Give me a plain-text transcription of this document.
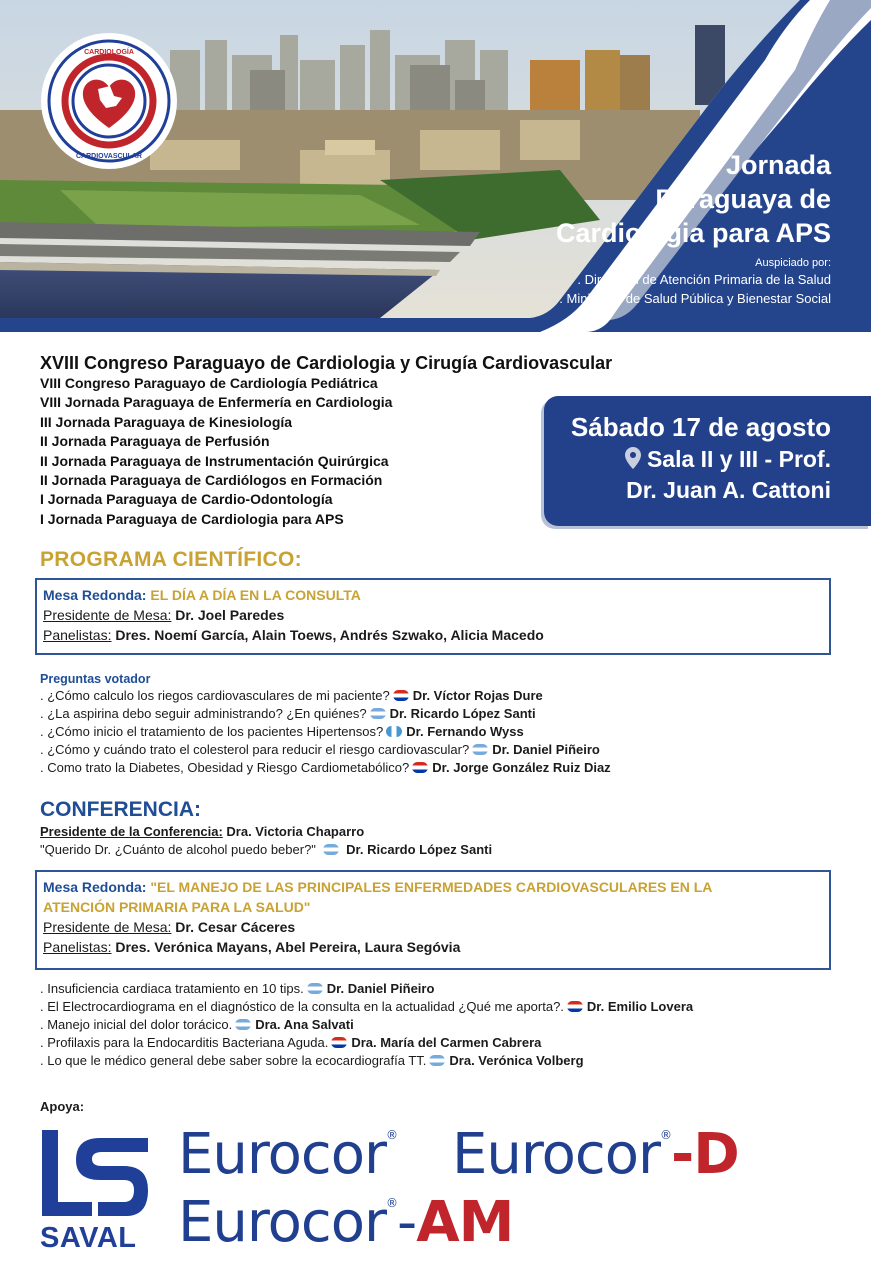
CARDIOLOGÍA
CARDIOVASCULAR	I Jornada
Paraguaya de
Cardiologia para APS
Auspiciado por:
. Dirección de Atención Primaria de la Salud
. Ministerio de Salud Pública y Bienestar Social
XVIII Congreso Paraguayo de Cardiologia y Cirugía Cardiovascular
VIII Congreso Paraguayo de Cardiología Pediátrica
VIII Jornada Paraguaya de Enfermería en Cardiologia
III Jornada Paraguaya de Kinesiología
II Jornada Paraguaya de Perfusión
II Jornada Paraguaya de Instrumentación Quirúrgica
II Jornada Paraguaya de Cardiólogos en Formación
I Jornada Paraguaya de Cardio-Odontología
I Jornada Paraguaya de Cardiologia para APS
Sábado 17 de agosto
Sala II y III - Prof.
Dr. Juan A. Cattoni
PROGRAMA CIENTÍFICO:
Mesa Redonda: EL DÍA A DÍA EN LA CONSULTA
Presidente de Mesa: Dr. Joel Paredes
Panelistas: Dres. Noemí García, Alain Toews, Andrés Szwako, Alicia Macedo
Preguntas votador
. ¿Cómo calculo los riegos cardiovasculares de mi paciente? Dr. Víctor Rojas Dure
. ¿La aspirina debo seguir administrando? ¿En quiénes? Dr. Ricardo López Santi
. ¿Cómo inicio el tratamiento de los pacientes Hipertensos? Dr. Fernando Wyss
. ¿Cómo y cuándo trato el colesterol para reducir el riesgo cardiovascular? Dr. Daniel Piñeiro
. Como trato la Diabetes, Obesidad y Riesgo Cardiometabólico? Dr. Jorge González Ruiz Diaz
CONFERENCIA:
Presidente de la Conferencia: Dra. Victoria Chaparro
"Querido Dr. ¿Cuánto de alcohol puedo beber?" Dr. Ricardo López Santi
Mesa Redonda: "EL MANEJO DE LAS PRINCIPALES ENFERMEDADES CARDIOVASCULARES EN LA
ATENCIÓN PRIMARIA PARA LA SALUD"
Presidente de Mesa: Dr. Cesar Cáceres
Panelistas: Dres. Verónica Mayans, Abel Pereira, Laura Segóvia
. Insuficiencia cardiaca tratamiento en 10 tips. Dr. Daniel Piñeiro
. El Electrocardiograma en el diagnóstico de la consulta en la actualidad ¿Qué me aporta?. Dr. Emilio Lovera
. Manejo inicial del dolor torácico. Dra. Ana Salvati
. Profilaxis para la Endocarditis Bacteriana Aguda. Dra. María del Carmen Cabrera
. Lo que le médico general debe saber sobre la ecocardiografía TT. Dra. Verónica Volberg
Apoya:
SAVAL
Eurocor® Eurocor®-D
Eurocor®-AM
